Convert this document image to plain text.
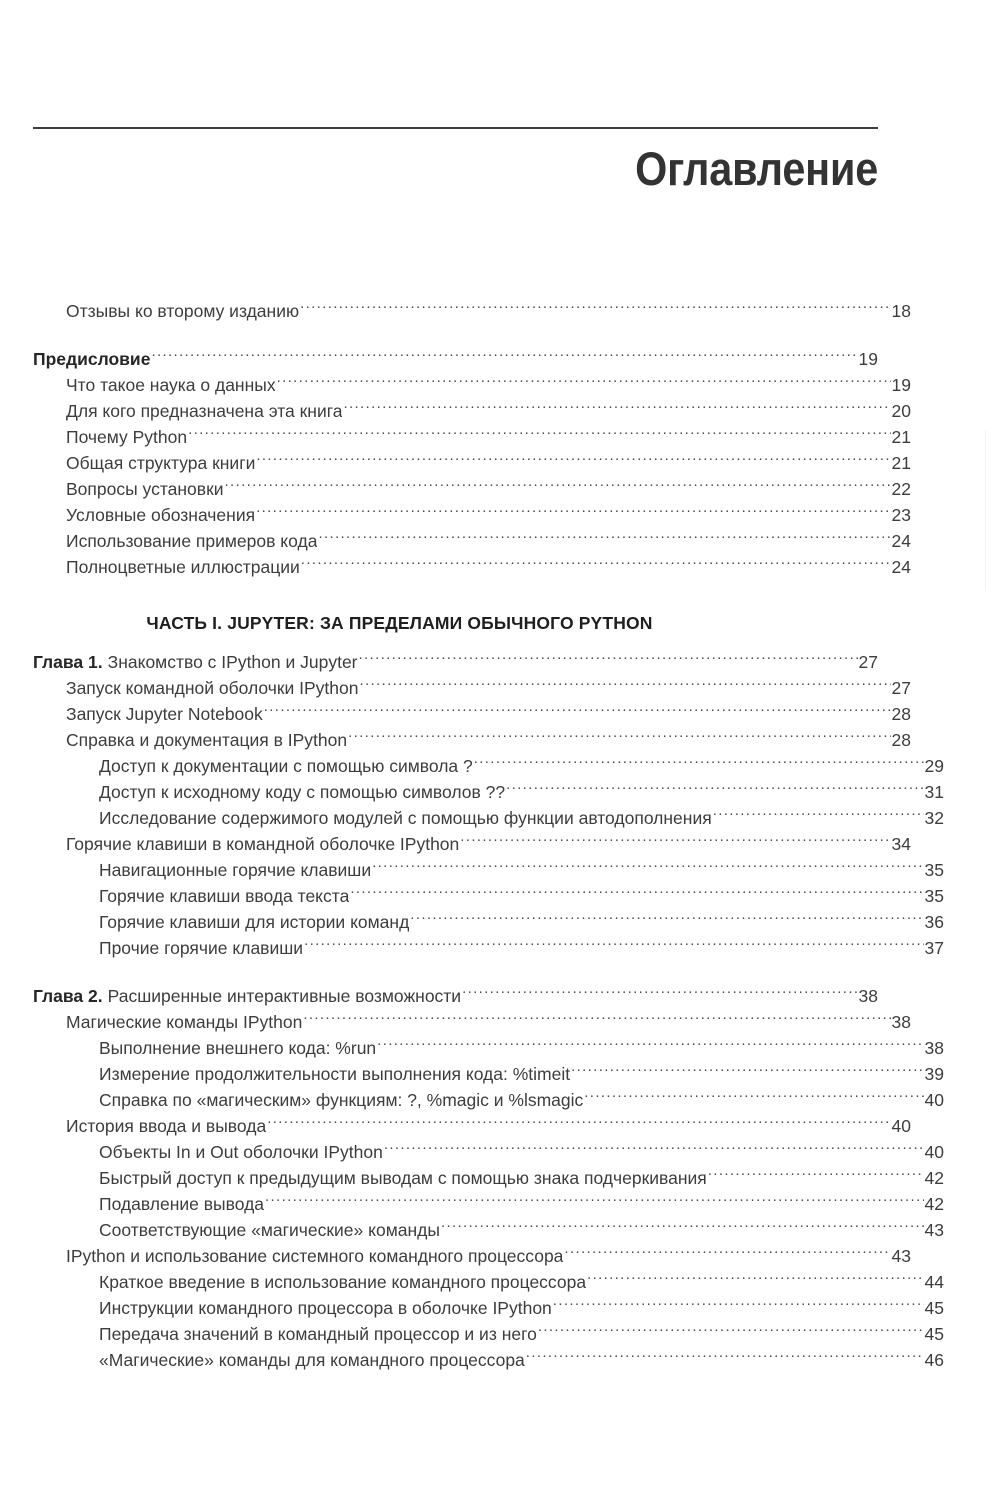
Оглавление
Отзывы ко второму изданию .....	18
Предисловие .....	19
Что такое наука о данных .....	19
Для кого предназначена эта книга .....	20
Почему Python .....	21
Общая структура книги .....	21
Вопросы установки .....	22
Условные обозначения .....	23
Использование примеров кода .....	24
Полноцветные иллюстрации .....	24
ЧАСТЬ I. JUPYTER: ЗА ПРЕДЕЛАМИ ОБЫЧНОГО PYTHON
Глава 1. Знакомство с IPython и Jupyter .....	27
Запуск командной оболочки IPython .....	27
Запуск Jupyter Notebook .....	28
Справка и документация в IPython .....	28
Доступ к документации с помощью символа ? .....	29
Доступ к исходному коду с помощью символов ?? .....	31
Исследование содержимого модулей с помощью функции автодополнения .....	32
Горячие клавиши в командной оболочке IPython .....	34
Навигационные горячие клавиши .....	35
Горячие клавиши ввода текста .....	35
Горячие клавиши для истории команд .....	36
Прочие горячие клавиши .....	37
Глава 2. Расширенные интерактивные возможности .....	38
Магические команды IPython .....	38
Выполнение внешнего кода: %run .....	38
Измерение продолжительности выполнения кода: %timeit .....	39
Справка по «магическим» функциям: ?, %magic и %lsmagic .....	40
История ввода и вывода .....	40
Объекты In и Out оболочки IPython .....	40
Быстрый доступ к предыдущим выводам с помощью знака подчеркивания .....	42
Подавление вывода .....	42
Соответствующие «магические» команды .....	43
IPython и использование системного командного процессора .....	43
Краткое введение в использование командного процессора .....	44
Инструкции командного процессора в оболочке IPython .....	45
Передача значений в командный процессор и из него .....	45
«Магические» команды для командного процессора .....	46
